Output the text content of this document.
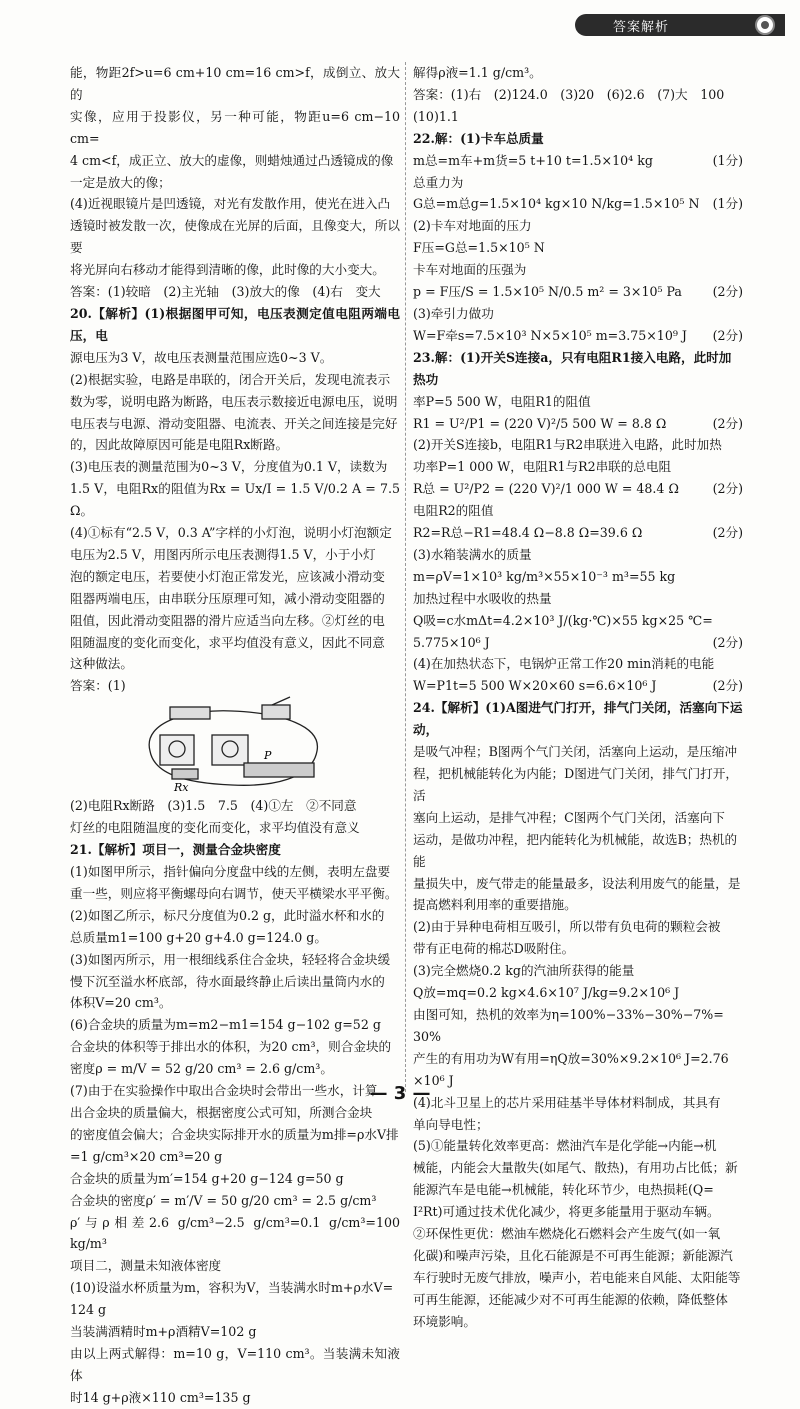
答案解析

能，物距2f>u=6 cm+10 cm=16 cm>f，成倒立、放大的

实像，应用于投影仪，另一种可能，物距u=6 cm−10 cm=

4 cm<f，成正立、放大的虚像，则蜡烛通过凸透镜成的像

一定是放大的像；

(4)近视眼镜片是凹透镜，对光有发散作用，使光在进入凸

透镜时被发散一次，使像成在光屏的后面，且像变大，所以要

将光屏向右移动才能得到清晰的像，此时像的大小变大。

答案：(1)较暗　(2)主光轴　(3)放大的像　(4)右　变大

20.【解析】(1)根据图甲可知，电压表测定值电阻两端电压，电

源电压为3 V，故电压表测量范围应选0~3 V。

(2)根据实验，电路是串联的，闭合开关后，发现电流表示

数为零，说明电路为断路，电压表示数接近电源电压，说明

电压表与电源、滑动变阻器、电流表、开关之间连接是完好

的，因此故障原因可能是电阻Rx断路。

(3)电压表的测量范围为0~3 V，分度值为0.1 V，读数为

1.5 V，电阻Rx的阻值为Rx = Ux/I = 1.5 V/0.2 A = 7.5 Ω。

(4)①标有“2.5 V，0.3 A”字样的小灯泡，说明小灯泡额定

电压为2.5 V，用图丙所示电压表测得1.5 V，小于小灯

泡的额定电压，若要使小灯泡正常发光，应该减小滑动变

阻器两端电压，由串联分压原理可知，减小滑动变阻器的

阻值，因此滑动变阻器的滑片应适当向左移。②灯丝的电

阻随温度的变化而变化，求平均值没有意义，因此不同意

这种做法。

答案：(1)

P
Rx

(2)电阻Rx断路　(3)1.5　7.5　(4)①左　②不同意

灯丝的电阻随温度的变化而变化，求平均值没有意义

21.【解析】项目一，测量合金块密度

(1)如图甲所示，指针偏向分度盘中线的左侧，表明左盘要

重一些，则应将平衡螺母向右调节，使天平横梁水平平衡。

(2)如图乙所示，标尺分度值为0.2 g，此时溢水杯和水的

总质量m1=100 g+20 g+4.0 g=124.0 g。

(3)如图丙所示，用一根细线系住合金块，轻轻将合金块缓

慢下沉至溢水杯底部，待水面最终静止后读出量筒内水的

体积V=20 cm³。

(6)合金块的质量为m=m2−m1=154 g−102 g=52 g

合金块的体积等于排出水的体积，为20 cm³，则合金块的

密度ρ = m/V = 52 g/20 cm³ = 2.6 g/cm³。

(7)由于在实验操作中取出合金块时会带出一些水，计算

出合金块的质量偏大，根据密度公式可知，所测合金块

的密度值会偏大；合金块实际排开水的质量为m排=ρ水V排

=1 g/cm³×20 cm³=20 g

合金块的质量为m′=154 g+20 g−124 g=50 g

合金块的密度ρ′ = m′/V = 50 g/20 cm³ = 2.5 g/cm³

ρ′与ρ相差2.6 g/cm³−2.5 g/cm³=0.1 g/cm³=100 kg/m³

项目二，测量未知液体密度

(10)设溢水杯质量为m，容积为V，当装满水时m+ρ水V=

124 g

当装满酒精时m+ρ酒精V=102 g

由以上两式解得：m=10 g，V=110 cm³。当装满未知液体

时14 g+ρ液×110 cm³=135 g

解得ρ液=1.1 g/cm³。
答案：(1)右　(2)124.0　(3)20　(6)2.6　(7)大　100
(10)1.1
22.解：(1)卡车总质量
m总=m车+m货=5 t+10 t=1.5×10⁴ kg	(1分)
总重力为
G总=m总g=1.5×10⁴ kg×10 N/kg=1.5×10⁵ N	(1分)
(2)卡车对地面的压力
F压=G总=1.5×10⁵ N
卡车对地面的压强为
p = F压/S = 1.5×10⁵ N/0.5 m² = 3×10⁵ Pa	(2分)
(3)牵引力做功
W=F牵s=7.5×10³ N×5×10⁵ m=3.75×10⁹ J	(2分)
23.解：(1)开关S连接a，只有电阻R1接入电路，此时加热功
率P=5 500 W，电阻R1的阻值
R1 = U²/P1 = (220 V)²/5 500 W = 8.8 Ω	(2分)
(2)开关S连接b，电阻R1与R2串联进入电路，此时加热
功率P=1 000 W，电阻R1与R2串联的总电阻
R总 = U²/P2 = (220 V)²/1 000 W = 48.4 Ω	(2分)
电阻R2的阻值
R2=R总−R1=48.4 Ω−8.8 Ω=39.6 Ω	(2分)
(3)水箱装满水的质量
m=ρV=1×10³ kg/m³×55×10⁻³ m³=55 kg
加热过程中水吸收的热量
Q吸=c水mΔt=4.2×10³ J/(kg·℃)×55 kg×25 ℃=
5.775×10⁶ J	(2分)
(4)在加热状态下，电锅炉正常工作20 min消耗的电能
W=P1t=5 500 W×20×60 s=6.6×10⁶ J	(2分)
24.【解析】(1)A图进气门打开，排气门关闭，活塞向下运动，
是吸气冲程；B图两个气门关闭，活塞向上运动，是压缩冲
程，把机械能转化为内能；D图进气门关闭，排气门打开，活
塞向上运动，是排气冲程；C图两个气门关闭，活塞向下
运动，是做功冲程，把内能转化为机械能，故选B；热机的能
量损失中，废气带走的能量最多，设法利用废气的能量，是
提高燃料利用率的重要措施。
(2)由于异种电荷相互吸引，所以带有负电荷的颗粒会被
带有正电荷的棉芯D吸附住。
(3)完全燃烧0.2 kg的汽油所获得的能量
Q放=mq=0.2 kg×4.6×10⁷ J/kg=9.2×10⁶ J
由图可知，热机的效率为η=100%−33%−30%−7%=
30%
产生的有用功为W有用=ηQ放=30%×9.2×10⁶ J=2.76
×10⁶ J
(4)北斗卫星上的芯片采用硅基半导体材料制成，其具有
单向导电性；
(5)①能量转化效率更高：燃油汽车是化学能→内能→机
械能，内能会大量散失(如尾气、散热)，有用功占比低；新
能源汽车是电能→机械能，转化环节少，电热损耗(Q=
I²Rt)可通过技术优化减少，将更多能量用于驱动车辆。
②环保性更优：燃油车燃烧化石燃料会产生废气(如一氧
化碳)和噪声污染，且化石能源是不可再生能源；新能源汽
车行驶时无废气排放，噪声小，若电能来自风能、太阳能等
可再生能源，还能减少对不可再生能源的依赖，降低整体
环境影响。
— 3 —
